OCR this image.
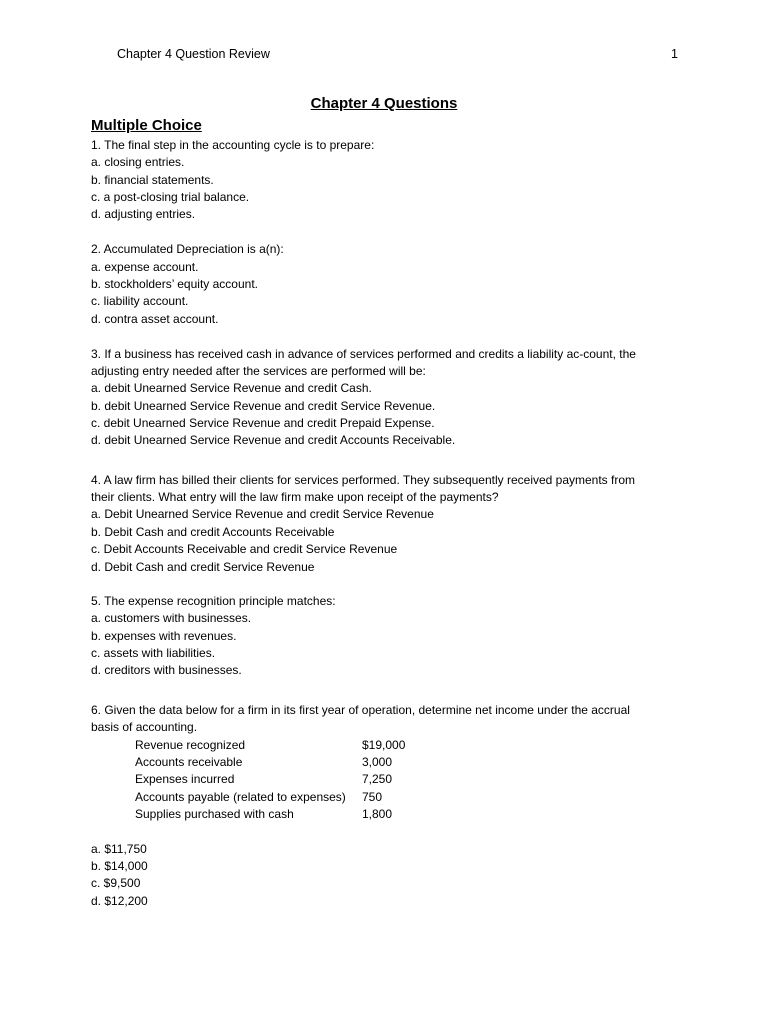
Chapter 4 Question Review	1
Chapter 4 Questions
Multiple Choice
1. The final step in the accounting cycle is to prepare:
a. closing entries.
b. financial statements.
c. a post-closing trial balance.
d. adjusting entries.
2. Accumulated Depreciation is a(n):
a. expense account.
b. stockholders’ equity account.
c. liability account.
d. contra asset account.
3. If a business has received cash in advance of services performed and credits a liability ac-count, the
adjusting entry needed after the services are performed will be:
a. debit Unearned Service Revenue and credit Cash.
b. debit Unearned Service Revenue and credit Service Revenue.
c. debit Unearned Service Revenue and credit Prepaid Expense.
d. debit Unearned Service Revenue and credit Accounts Receivable.
4. A law firm has billed their clients for services performed. They subsequently received payments from
their clients. What entry will the law firm make upon receipt of the payments?
a. Debit Unearned Service Revenue and credit Service Revenue
b. Debit Cash and credit Accounts Receivable
c. Debit Accounts Receivable and credit Service Revenue
d. Debit Cash and credit Service Revenue
5. The expense recognition principle matches:
a. customers with businesses.
b. expenses with revenues.
c. assets with liabilities.
d. creditors with businesses.
6. Given the data below for a firm in its first year of operation, determine net income under the accrual
basis of accounting.
Revenue recognized	$19,000
Accounts receivable	3,000
Expenses incurred	7,250
Accounts payable (related to expenses) 750
Supplies purchased with cash	1,800
a. $11,750
b. $14,000
c. $9,500
d. $12,200
